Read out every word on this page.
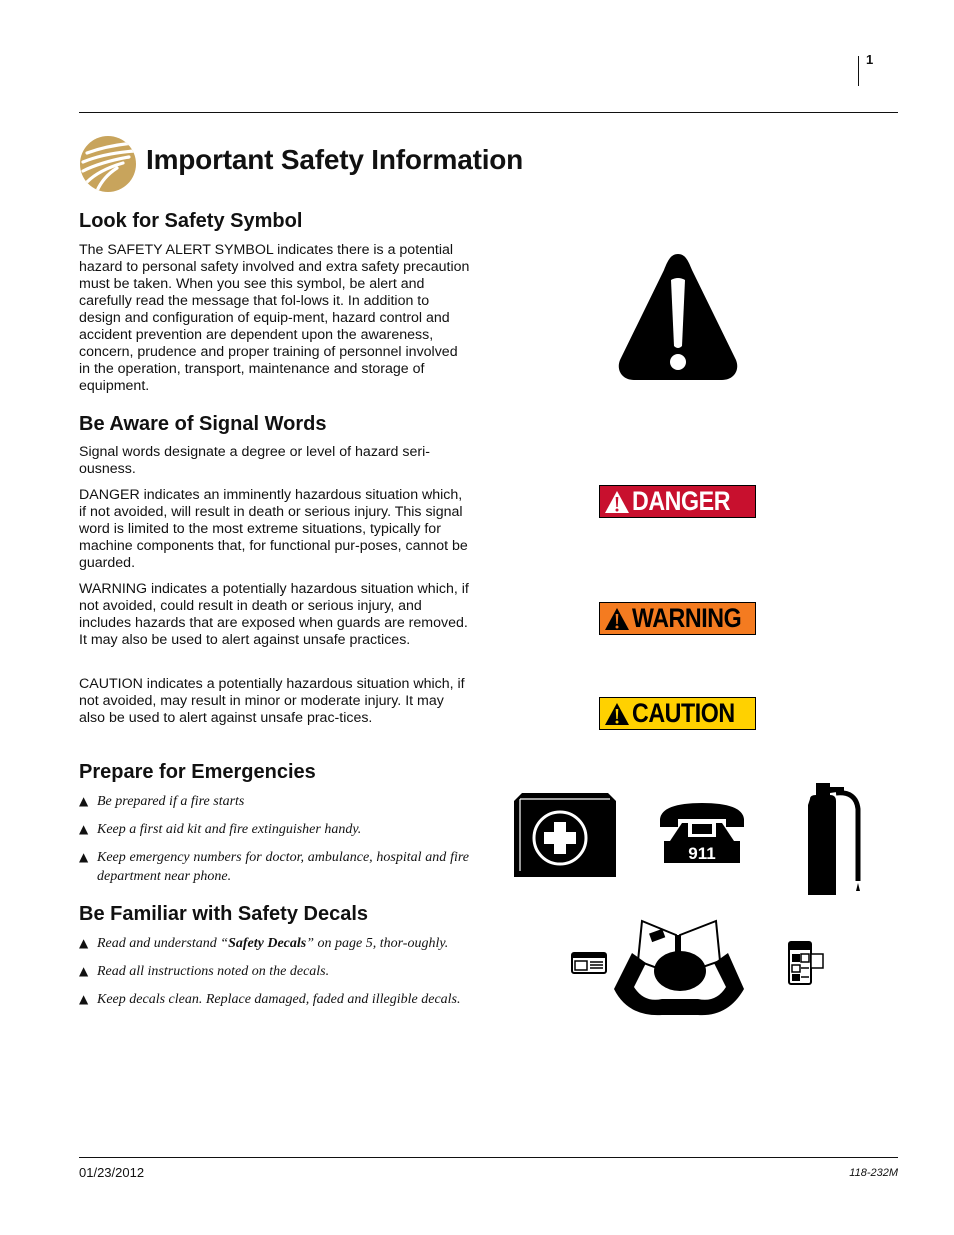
1
Important Safety Information
Look for Safety Symbol

The SAFETY ALERT SYMBOL indicates there is a potential hazard to personal safety involved and extra safety precaution must be taken. When you see this symbol, be alert and carefully read the message that fol-lows it. In addition to design and configuration of equip-ment, hazard control and accident prevention are dependent upon the awareness, concern, prudence and proper training of personnel involved in the operation, transport, maintenance and storage of equipment.

Be Aware of Signal Words

Signal words designate a degree or level of hazard seri-ousness.

DANGER indicates an imminently hazardous situation which, if not avoided, will result in death or serious injury. This signal word is limited to the most extreme situations, typically for machine components that, for functional pur-poses, cannot be guarded.

WARNING indicates a potentially hazardous situation which, if not avoided, could result in death or serious injury, and includes hazards that are exposed when guards are removed. It may also be used to alert against unsafe practices.

CAUTION indicates a potentially hazardous situation which, if not avoided, may result in minor or moderate injury. It may also be used to alert against unsafe prac-tices.

Prepare for Emergencies
▲ Be prepared if a fire starts
▲ Keep a first aid kit and fire extinguisher handy.
▲ Keep emergency numbers for doctor, ambulance, hospital and fire department near phone.
Be Familiar with Safety Decals
▲ Read and understand “Safety Decals” on page 5, thor-oughly.
▲ Read all instructions noted on the decals.
▲ Keep decals clean. Replace damaged, faded and illegible decals.
DANGER
WARNING
CAUTION
911
01/23/2012	118-232M
